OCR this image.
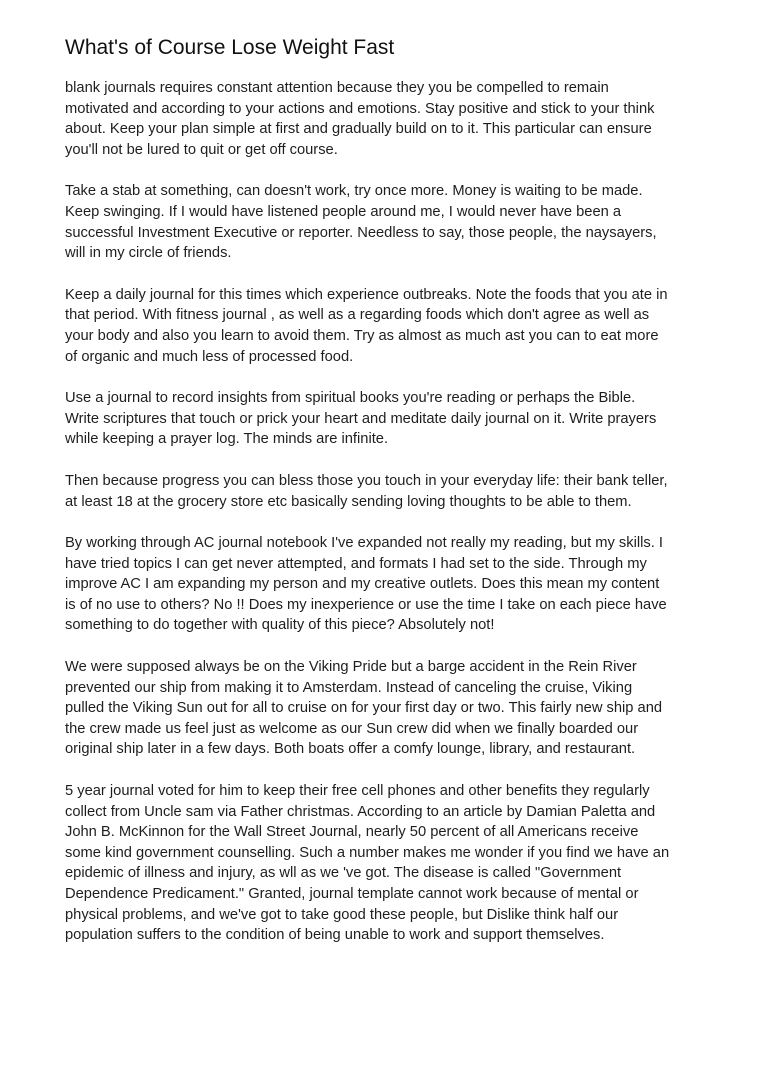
What's of Course Lose Weight Fast

blank journals requires constant attention because they you be compelled to remain
motivated and according to your actions and emotions. Stay positive and stick to your think
about. Keep your plan simple at first and gradually build on to it. This particular can ensure
you'll not be lured to quit or get off course.

Take a stab at something, can doesn't work, try once more. Money is waiting to be made.
Keep swinging. If I would have listened people around me, I would never have been a
successful Investment Executive or reporter. Needless to say, those people, the naysayers,
will in my circle of friends.

Keep a daily journal for this times which experience outbreaks. Note the foods that you ate in
that period. With fitness journal , as well as a regarding foods which don't agree as well as
your body and also you learn to avoid them. Try as almost as much ast you can to eat more
of organic and much less of processed food.

Use a journal to record insights from spiritual books you're reading or perhaps the Bible.
Write scriptures that touch or prick your heart and meditate daily journal on it. Write prayers
while keeping a prayer log. The minds are infinite.

Then because progress you can bless those you touch in your everyday life: their bank teller,
at least 18 at the grocery store etc basically sending loving thoughts to be able to them.

By working through AC journal notebook I've expanded not really my reading, but my skills. I
have tried topics I can get never attempted, and formats I had set to the side. Through my
improve AC I am expanding my person and my creative outlets. Does this mean my content
is of no use to others? No !! Does my inexperience or use the time I take on each piece have
something to do together with quality of this piece? Absolutely not!

We were supposed always be on the Viking Pride but a barge accident in the Rein River
prevented our ship from making it to Amsterdam. Instead of canceling the cruise, Viking
pulled the Viking Sun out for all to cruise on for your first day or two. This fairly new ship and
the crew made us feel just as welcome as our Sun crew did when we finally boarded our
original ship later in a few days. Both boats offer a comfy lounge, library, and restaurant.

5 year journal voted for him to keep their free cell phones and other benefits they regularly
collect from Uncle sam via Father christmas. According to an article by Damian Paletta and
John B. McKinnon for the Wall Street Journal, nearly 50 percent of all Americans receive
some kind government counselling. Such a number makes me wonder if you find we have an
epidemic of illness and injury, as wll as we 've got. The disease is called "Government
Dependence Predicament." Granted, journal template cannot work because of mental or
physical problems, and we've got to take good these people, but Dislike think half our
population suffers to the condition of being unable to work and support themselves.
